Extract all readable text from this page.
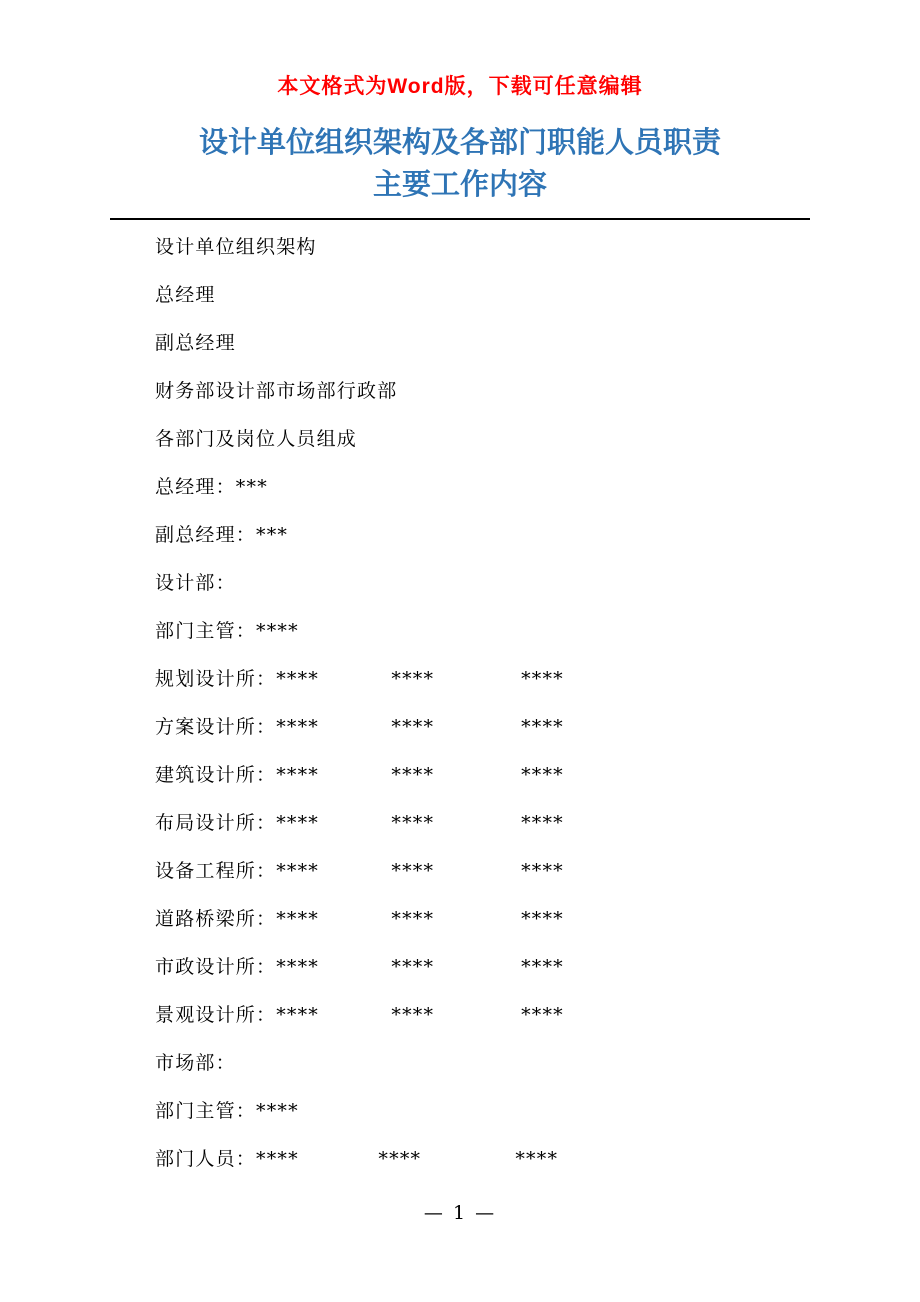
本文格式为Word版，下载可任意编辑
设计单位组织架构及各部门职能人员职责
主要工作内容

设计单位组织架构

总经理

副总经理

财务部设计部市场部行政部

各部门及岗位人员组成

总经理：***

副总经理：***

设计部：

部门主管：****

规划设计所：****          ****            ****

方案设计所：****          ****            ****

建筑设计所：****          ****            ****

布局设计所：****          ****            ****

设备工程所：****          ****            ****

道路桥梁所：****          ****            ****

市政设计所：****          ****            ****

景观设计所：****          ****            ****

市场部：

部门主管：****

部门人员：****           ****             ****

— 1 —
